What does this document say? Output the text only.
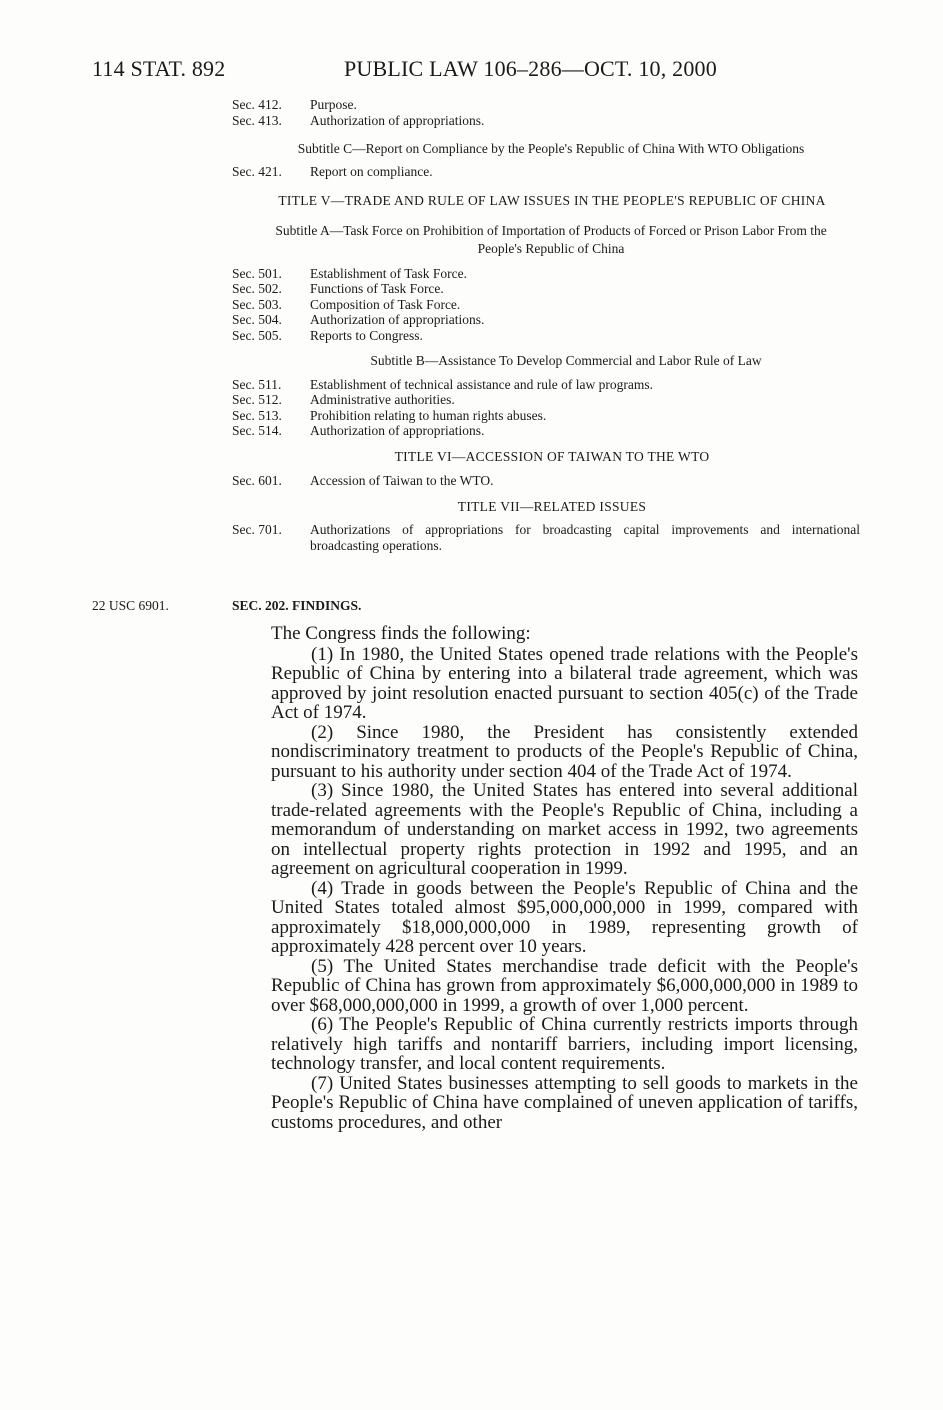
114 STAT. 892	PUBLIC LAW 106–286—OCT. 10, 2000
Sec. 412.	Purpose.
Sec. 413.	Authorization of appropriations.
Subtitle C—Report on Compliance by the People's Republic of China With WTO Obligations
Sec. 421.	Report on compliance.
TITLE V—TRADE AND RULE OF LAW ISSUES IN THE PEOPLE'S REPUBLIC OF CHINA
Subtitle A—Task Force on Prohibition of Importation of Products of Forced or Prison Labor From the People's Republic of China
Sec. 501.	Establishment of Task Force.
Sec. 502.	Functions of Task Force.
Sec. 503.	Composition of Task Force.
Sec. 504.	Authorization of appropriations.
Sec. 505.	Reports to Congress.
Subtitle B—Assistance To Develop Commercial and Labor Rule of Law
Sec. 511.	Establishment of technical assistance and rule of law programs.
Sec. 512.	Administrative authorities.
Sec. 513.	Prohibition relating to human rights abuses.
Sec. 514.	Authorization of appropriations.
TITLE VI—ACCESSION OF TAIWAN TO THE WTO
Sec. 601.	Accession of Taiwan to the WTO.
TITLE VII—RELATED ISSUES
Sec. 701.	Authorizations of appropriations for broadcasting capital improvements and international broadcasting operations.
22 USC 6901.	SEC. 202. FINDINGS.

The Congress finds the following:

(1) In 1980, the United States opened trade relations with the People's Republic of China by entering into a bilateral trade agreement, which was approved by joint resolution enacted pursuant to section 405(c) of the Trade Act of 1974.

(2) Since 1980, the President has consistently extended nondiscriminatory treatment to products of the People's Republic of China, pursuant to his authority under section 404 of the Trade Act of 1974.

(3) Since 1980, the United States has entered into several additional trade-related agreements with the People's Republic of China, including a memorandum of understanding on market access in 1992, two agreements on intellectual property rights protection in 1992 and 1995, and an agreement on agricultural cooperation in 1999.

(4) Trade in goods between the People's Republic of China and the United States totaled almost $95,000,000,000 in 1999, compared with approximately $18,000,000,000 in 1989, representing growth of approximately 428 percent over 10 years.

(5) The United States merchandise trade deficit with the People's Republic of China has grown from approximately $6,000,000,000 in 1989 to over $68,000,000,000 in 1999, a growth of over 1,000 percent.

(6) The People's Republic of China currently restricts imports through relatively high tariffs and nontariff barriers, including import licensing, technology transfer, and local content requirements.

(7) United States businesses attempting to sell goods to markets in the People's Republic of China have complained of uneven application of tariffs, customs procedures, and other
